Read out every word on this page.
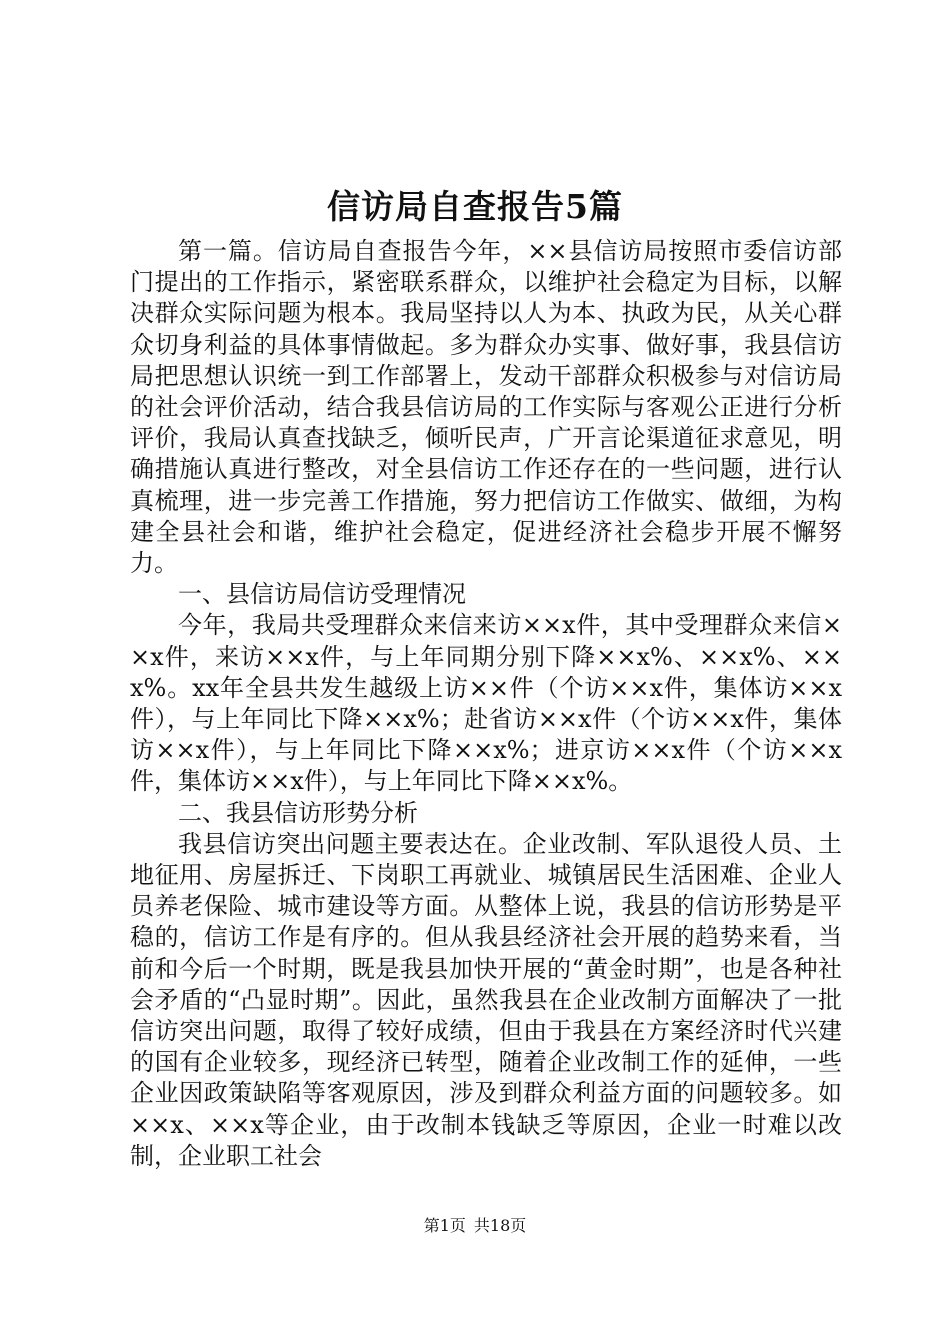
信访局自查报告5篇

第一篇。信访局自查报告今年，××县信访局按照市委信访部门提出的工作指示，紧密联系群众，以维护社会稳定为目标，以解决群众实际问题为根本。我局坚持以人为本、执政为民，从关心群众切身利益的具体事情做起。多为群众办实事、做好事，我县信访局把思想认识统一到工作部署上，发动干部群众积极参与对信访局的社会评价活动，结合我县信访局的工作实际与客观公正进行分析评价，我局认真查找缺乏，倾听民声，广开言论渠道征求意见，明确措施认真进行整改，对全县信访工作还存在的一些问题，进行认真梳理，进一步完善工作措施，努力把信访工作做实、做细，为构建全县社会和谐，维护社会稳定，促进经济社会稳步开展不懈努力。

一、县信访局信访受理情况

今年，我局共受理群众来信来访××x件，其中受理群众来信××x件，来访××x件，与上年同期分别下降××x%、××x%、××x%。xx年全县共发生越级上访××件（个访××x件，集体访××x件），与上年同比下降××x%；赴省访××x件（个访××x件，集体访××x件），与上年同比下降××x%；进京访××x件（个访××x件，集体访××x件），与上年同比下降××x%。

二、我县信访形势分析

我县信访突出问题主要表达在。企业改制、军队退役人员、土地征用、房屋拆迁、下岗职工再就业、城镇居民生活困难、企业人员养老保险、城市建设等方面。从整体上说，我县的信访形势是平稳的，信访工作是有序的。但从我县经济社会开展的趋势来看，当前和今后一个时期，既是我县加快开展的“黄金时期”，也是各种社会矛盾的“凸显时期”。因此，虽然我县在企业改制方面解决了一批信访突出问题，取得了较好成绩，但由于我县在方案经济时代兴建的国有企业较多，现经济已转型，随着企业改制工作的延伸，一些企业因政策缺陷等客观原因，涉及到群众利益方面的问题较多。如××x、××x等企业，由于改制本钱缺乏等原因，企业一时难以改制，企业职工社会

第1页 共18页
